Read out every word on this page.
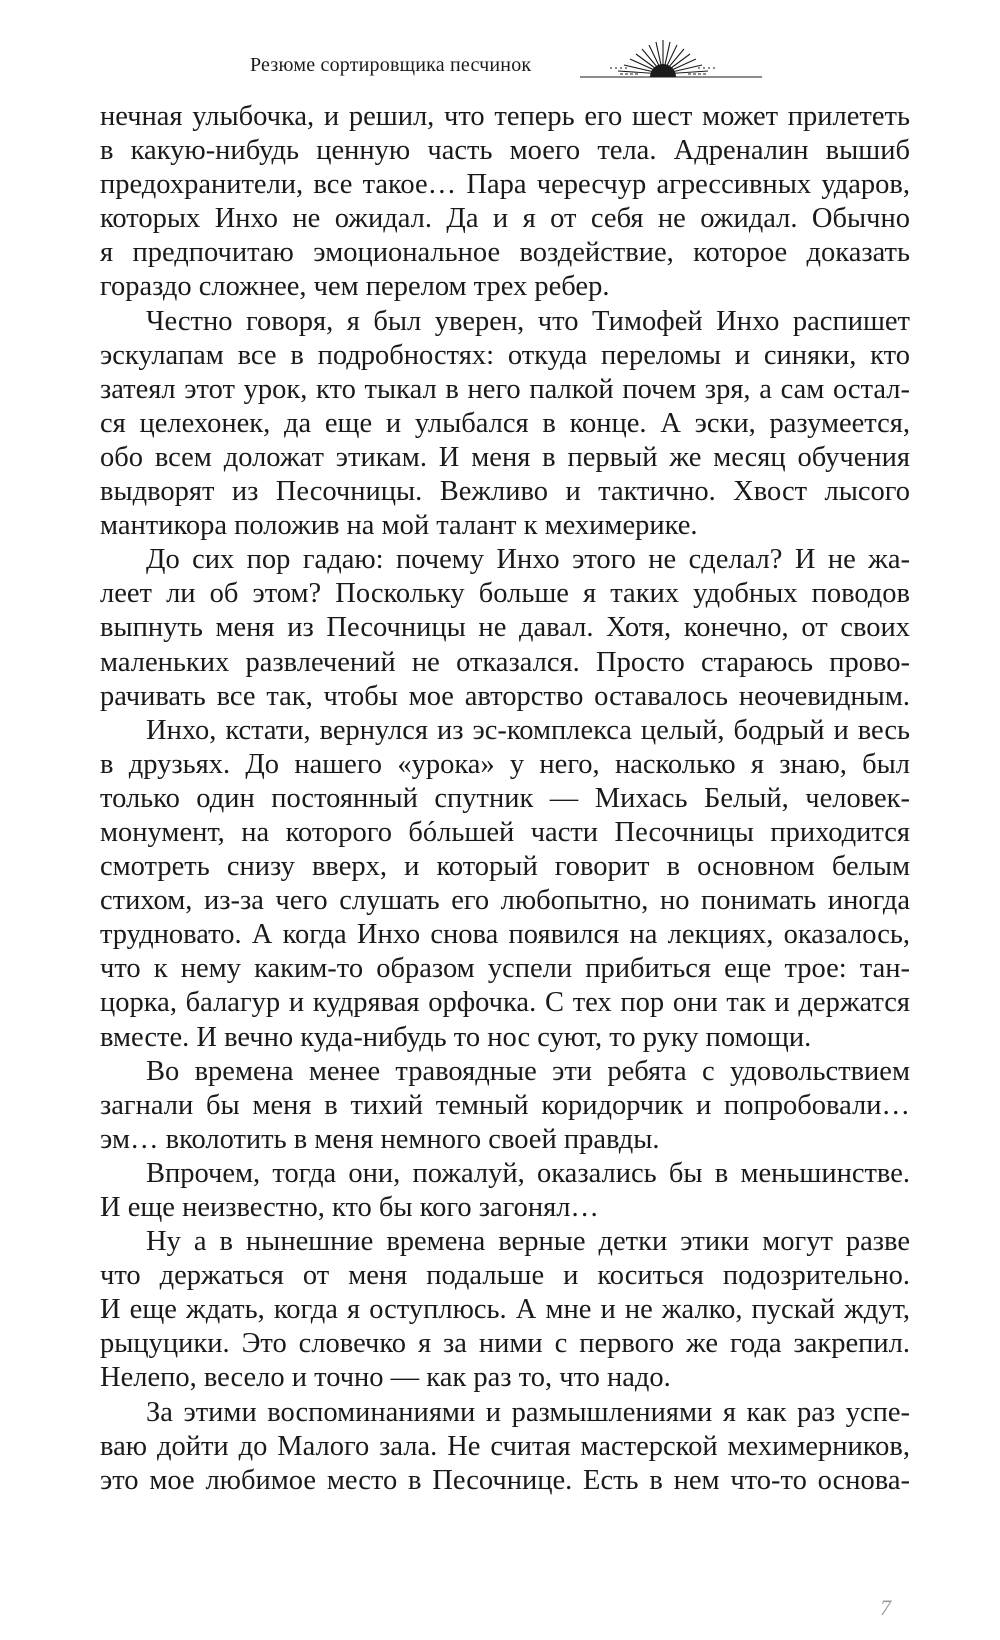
Резюме сортировщика песчинок
нечная улыбочка, и решил, что теперь его шест может прилететь
в какую-нибудь ценную часть моего тела. Адреналин вышиб
предохранители, все такое… Пара чересчур агрессивных ударов,
которых Инхо не ожидал. Да и я от себя не ожидал. Обычно
я предпочитаю эмоциональное воздействие, которое доказать
гораздо сложнее, чем перелом трех ребер.
Честно говоря, я был уверен, что Тимофей Инхо распишет
эскулапам все в подробностях: откуда переломы и синяки, кто
затеял этот урок, кто тыкал в него палкой почем зря, а сам остал-
ся целехонек, да еще и улыбался в конце. А эски, разумеется,
обо всем доложат этикам. И меня в первый же месяц обучения
выдворят из Песочницы. Вежливо и тактично. Хвост лысого
мантикора положив на мой талант к мехимерике.
До сих пор гадаю: почему Инхо этого не сделал? И не жа-
леет ли об этом? Поскольку больше я таких удобных поводов
выпнуть меня из Песочницы не давал. Хотя, конечно, от своих
маленьких развлечений не отказался. Просто стараюсь прово-
рачивать все так, чтобы мое авторство оставалось неочевидным.
Инхо, кстати, вернулся из эс-комплекса целый, бодрый и весь
в друзьях. До нашего «урока» у него, насколько я знаю, был
только один постоянный спутник — Михась Белый, человек-
монумент, на которого бóльшей части Песочницы приходится
смотреть снизу вверх, и который говорит в основном белым
стихом, из-за чего слушать его любопытно, но понимать иногда
трудновато. А когда Инхо снова появился на лекциях, оказалось,
что к нему каким-то образом успели прибиться еще трое: тан-
цорка, балагур и кудрявая орфочка. С тех пор они так и держатся
вместе. И вечно куда-нибудь то нос суют, то руку помощи.
Во времена менее травоядные эти ребята с удовольствием
загнали бы меня в тихий темный коридорчик и попробовали…
эм… вколотить в меня немного своей правды.
Впрочем, тогда они, пожалуй, оказались бы в меньшинстве.
И еще неизвестно, кто бы кого загонял…
Ну а в нынешние времена верные детки этики могут разве
что держаться от меня подальше и коситься подозрительно.
И еще ждать, когда я оступлюсь. А мне и не жалко, пускай ждут,
рыцуцики. Это словечко я за ними с первого же года закрепил.
Нелепо, весело и точно — как раз то, что надо.
За этими воспоминаниями и размышлениями я как раз успе-
ваю дойти до Малого зала. Не считая мастерской мехимерников,
это мое любимое место в Песочнице. Есть в нем что-то основа-
7
